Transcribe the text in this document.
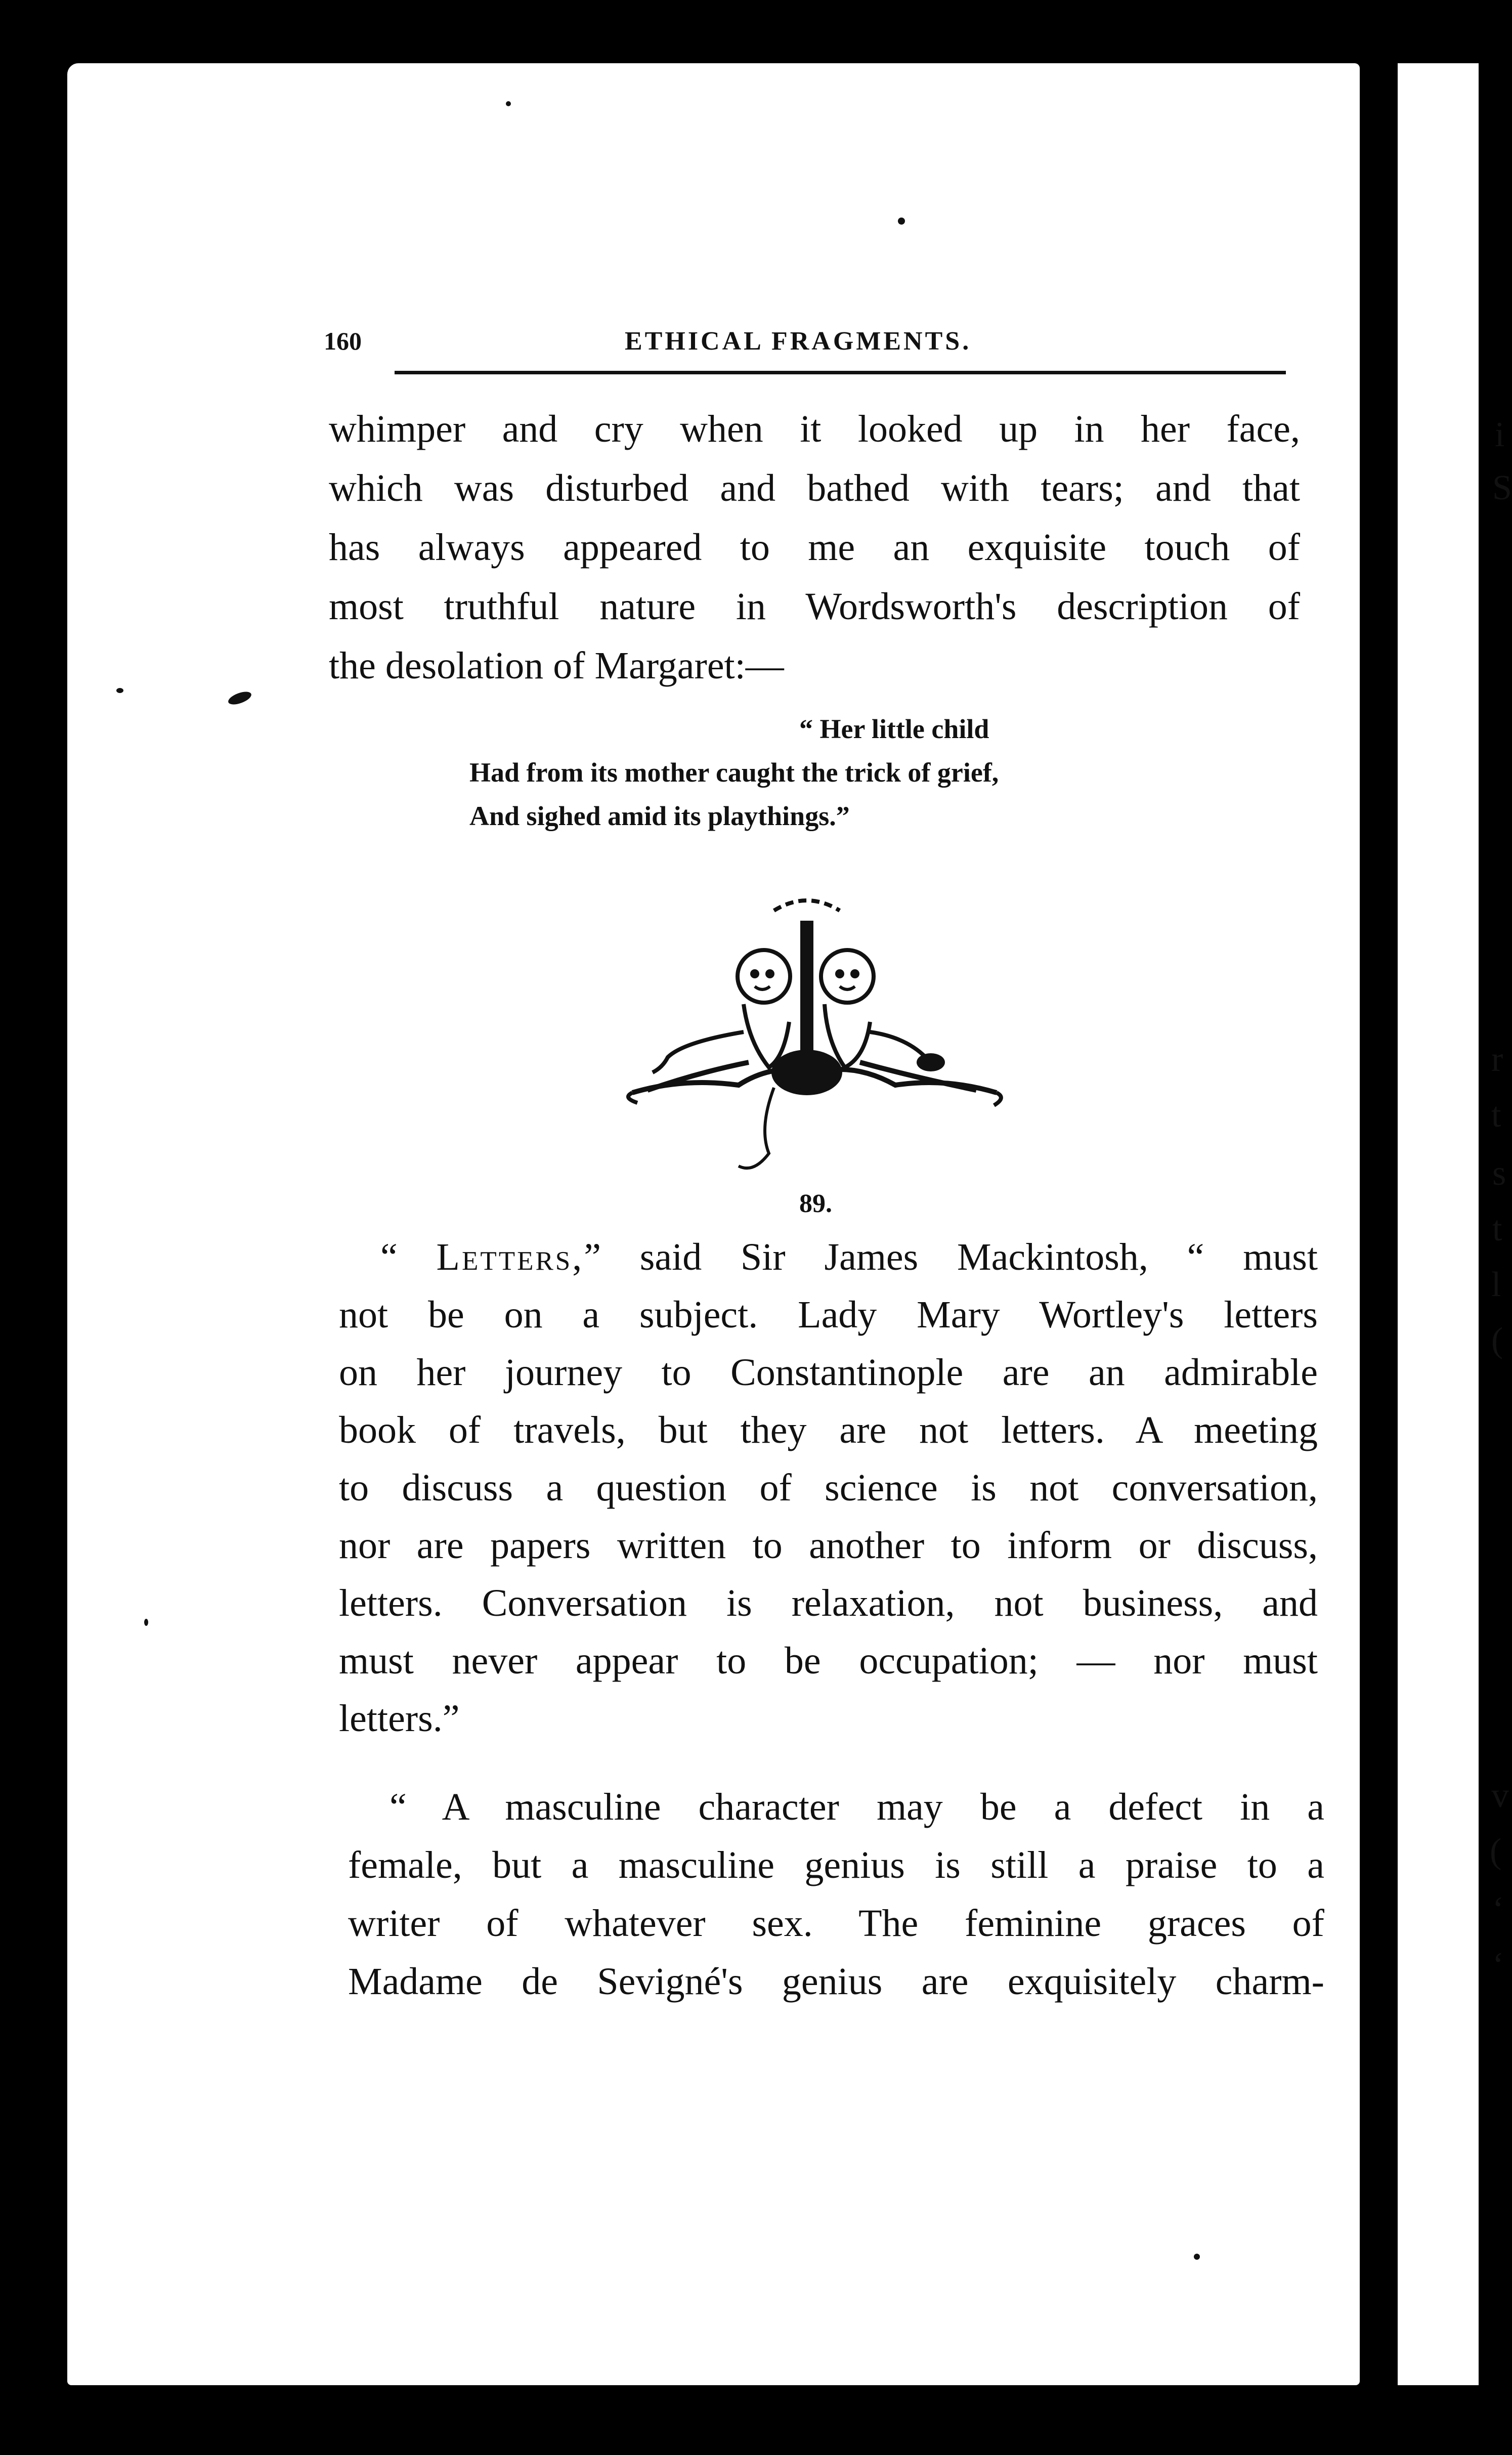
160	ETHICAL FRAGMENTS.

whimper and cry when it looked up in her face,
which was disturbed and bathed with tears; and that
has always appeared to me an exquisite touch of
most truthful nature in Wordsworth's description of
the desolation of Margaret:—

“ Her little child
Had from its mother caught the trick of grief,
And sighed amid its playthings.”

89.

“ Letters,” said Sir James Mackintosh, “ must
not be on a subject. Lady Mary Wortley's letters
on her journey to Constantinople are an admirable
book of travels, but they are not letters. A meeting
to discuss a question of science is not conversation,
nor are papers written to another to inform or discuss,
letters. Conversation is relaxation, not business, and
must never appear to be occupation; — nor must
letters.”

“ A masculine character may be a defect in a
female, but a masculine genius is still a praise to a
writer of whatever sex. The feminine graces of
Madame de Sevigné's genius are exquisitely charm-

i
S
r
t
s
t
l
(
v
(
‘
‘
